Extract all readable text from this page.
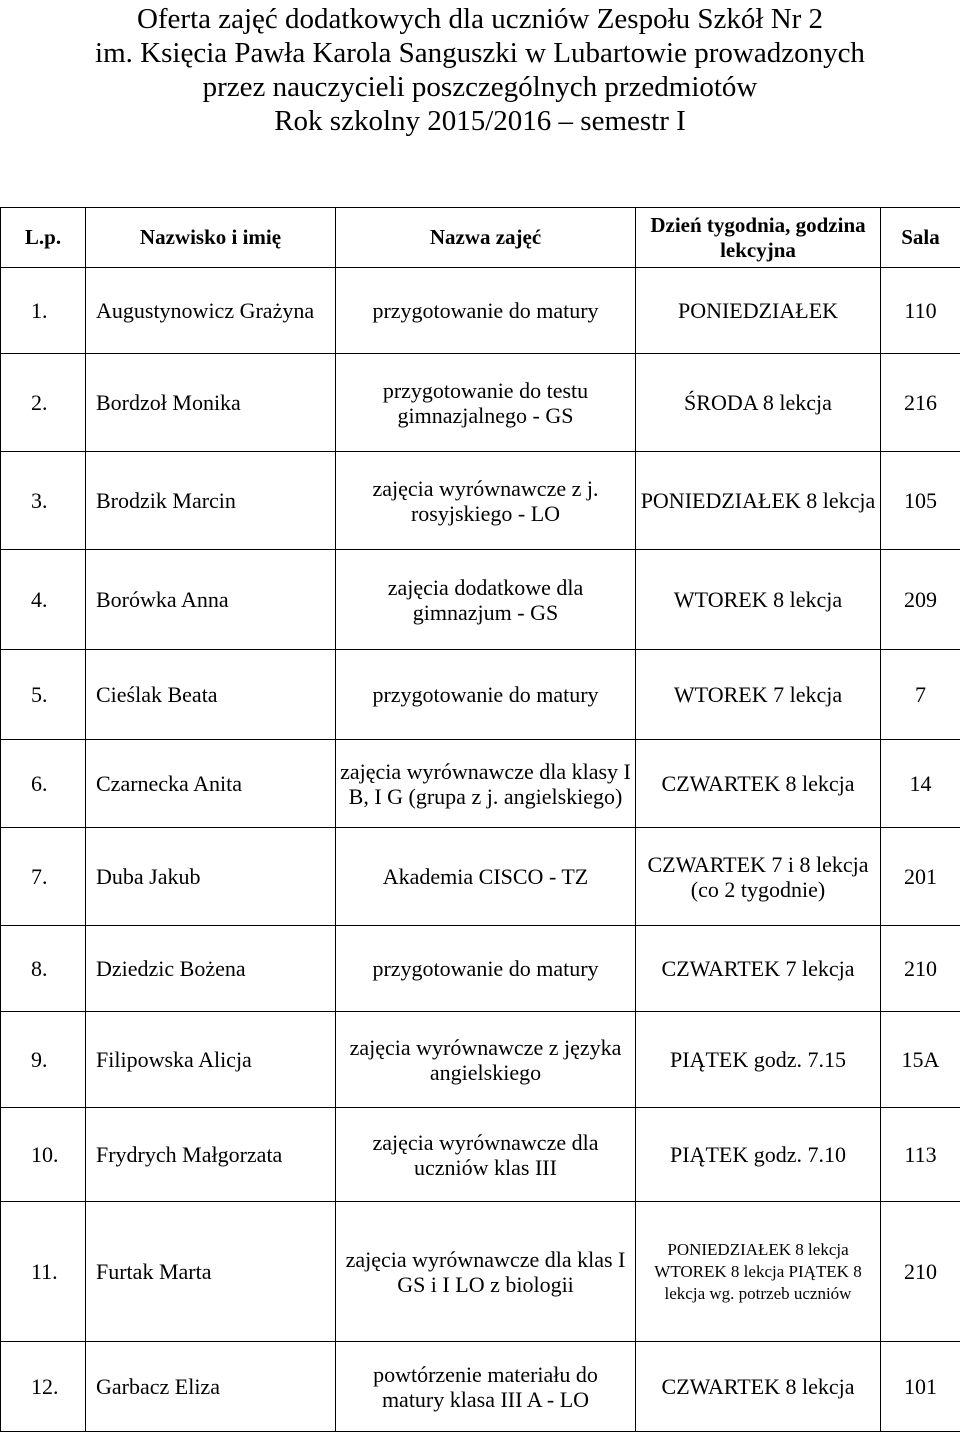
Oferta zajęć dodatkowych dla uczniów Zespołu Szkół Nr 2
im. Księcia Pawła Karola Sanguszki w Lubartowie prowadzonych
przez nauczycieli poszczególnych przedmiotów
Rok szkolny 2015/2016 – semestr I
L.p.	Nazwisko i imię	Nazwa zajęć	Dzień tygodnia, godzina lekcyjna	Sala
1.	Augustynowicz Grażyna	przygotowanie do matury	PONIEDZIAŁEK	110
2.	Bordzoł Monika	przygotowanie do testu gimnazjalnego - GS	ŚRODA 8 lekcja	216
3.	Brodzik Marcin	zajęcia wyrównawcze z j. rosyjskiego - LO	PONIEDZIAŁEK 8 lekcja	105
4.	Borówka Anna	zajęcia dodatkowe dla gimnazjum - GS	WTOREK 8 lekcja	209
5.	Cieślak Beata	przygotowanie do matury	WTOREK 7 lekcja	7
6.	Czarnecka Anita	zajęcia wyrównawcze dla klasy I B, I G (grupa z j. angielskiego)	CZWARTEK 8 lekcja	14
7.	Duba Jakub	Akademia CISCO - TZ	CZWARTEK 7 i 8 lekcja (co 2 tygodnie)	201
8.	Dziedzic Bożena	przygotowanie do matury	CZWARTEK 7 lekcja	210
9.	Filipowska Alicja	zajęcia wyrównawcze z języka angielskiego	PIĄTEK godz. 7.15	15A
10.	Frydrych Małgorzata	zajęcia wyrównawcze dla uczniów klas III	PIĄTEK godz. 7.10	113
11.	Furtak Marta	zajęcia wyrównawcze dla klas I GS i I LO z biologii	PONIEDZIAŁEK 8 lekcja WTOREK 8 lekcja PIĄTEK 8 lekcja wg. potrzeb uczniów	210
12.	Garbacz Eliza	powtórzenie materiału do matury klasa III A - LO	CZWARTEK 8 lekcja	101
